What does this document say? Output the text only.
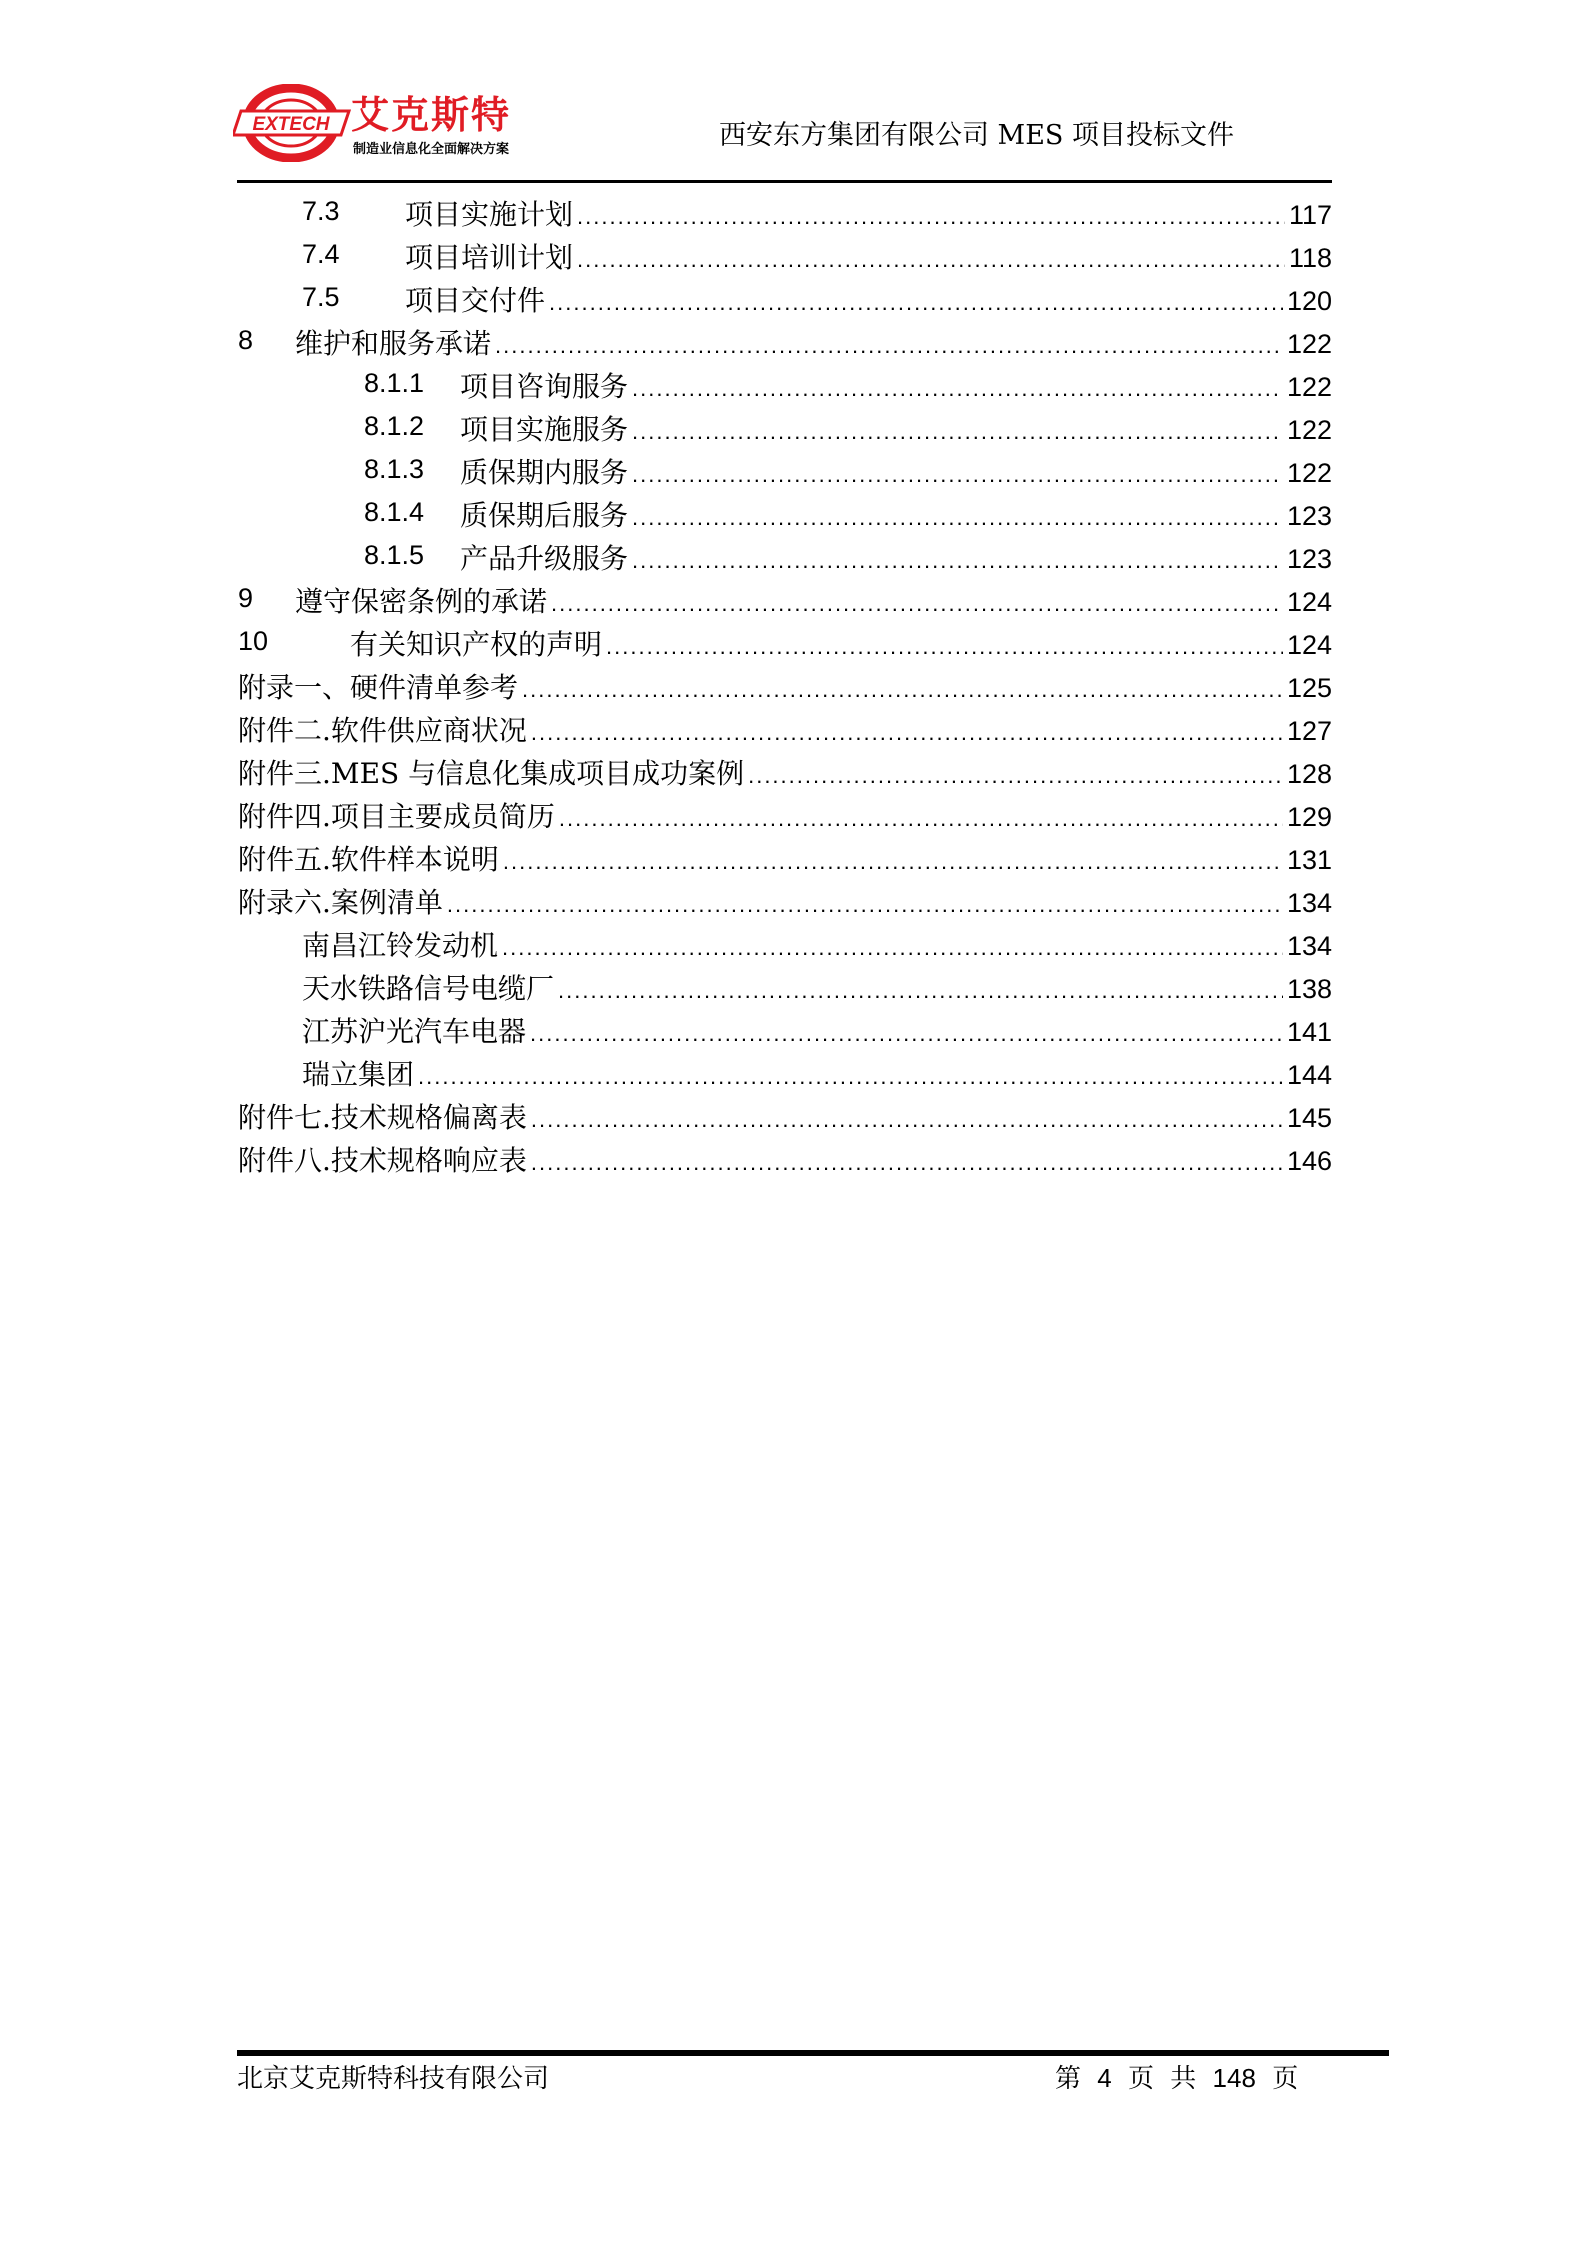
EXTECH 艾克斯特
制造业信息化全面解决方案	西安东方集团有限公司 MES 项目投标文件
7.3 项目实施计划 .....	117
7.4 项目培训计划 .....	118
7.5 项目交付件 .....	120
8 维护和服务承诺 .....	122
8.1.1 项目咨询服务 .....	122
8.1.2 项目实施服务 .....	122
8.1.3 质保期内服务 .....	122
8.1.4 质保期后服务 .....	123
8.1.5 产品升级服务 .....	123
9 遵守保密条例的承诺 .....	124
10	有关知识产权的声明 .....	124
附录一、硬件清单参考 .....	125
附件二.软件供应商状况 .....	127
附件三.MES 与信息化集成项目成功案例 .....	128
附件四.项目主要成员简历 .....	129
附件五.软件样本说明 .....	131
附录六.案例清单 .....	134
南昌江铃发动机 .....	134
天水铁路信号电缆厂 .....	138
江苏沪光汽车电器 .....	141
瑞立集团 .....	144
附件七.技术规格偏离表 .....	145
附件八.技术规格响应表 .....	146
北京艾克斯特科技有限公司	第 4 页 共 148 页
